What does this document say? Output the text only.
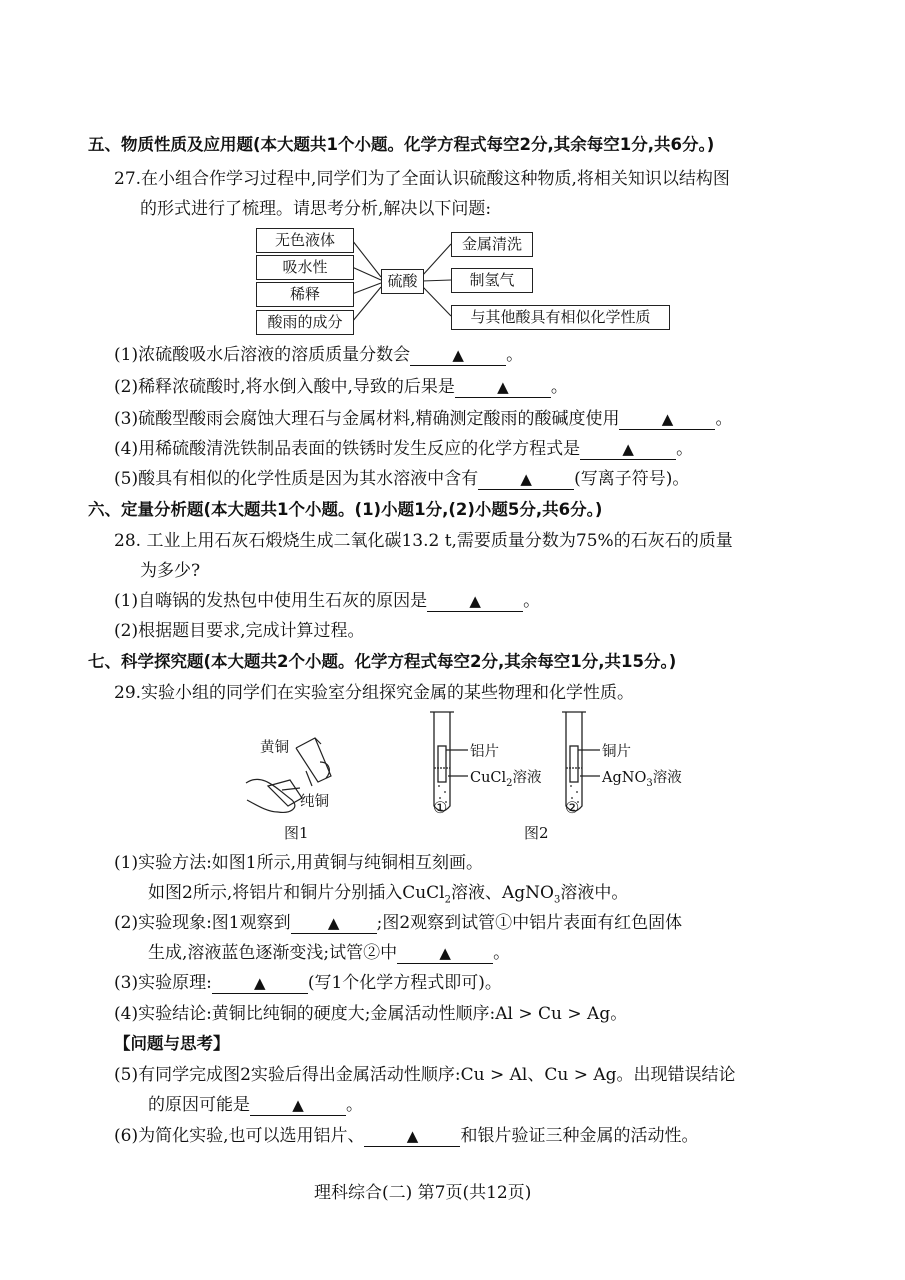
五、物质性质及应用题(本大题共1个小题。化学方程式每空2分,其余每空1分,共6分。)
27.在小组合作学习过程中,同学们为了全面认识硫酸这种物质,将相关知识以结构图
的形式进行了梳理。请思考分析,解决以下问题:
无色液体
吸水性
稀释
酸雨的成分
硫酸
金属清洗
制氢气
与其他酸具有相似化学性质
(1)浓硫酸吸水后溶液的溶质质量分数会	▲ 。
(2)稀释浓硫酸时,将水倒入酸中,导致的后果是	▲ 。
(3)硫酸型酸雨会腐蚀大理石与金属材料,精确测定酸雨的酸碱度使用	▲ 。
(4)用稀硫酸清洗铁制品表面的铁锈时发生反应的化学方程式是	▲ 。
(5)酸具有相似的化学性质是因为其水溶液中含有	▲ (写离子符号)。
六、定量分析题(本大题共1个小题。(1)小题1分,(2)小题5分,共6分。)
28. 工业上用石灰石煅烧生成二氧化碳13.2 t,需要质量分数为75%的石灰石的质量
为多少?
(1)自嗨锅的发热包中使用生石灰的原因是	▲ 。
(2)根据题目要求,完成计算过程。
七、科学探究题(本大题共2个小题。化学方程式每空2分,其余每空1分,共15分。)
29.实验小组的同学们在实验室分组探究金属的某些物理和化学性质。
黄铜
纯铜
图1
铝片
CuCl$_2$溶液
①
铜片
AgNO$_3$溶液
②
图2
(1)实验方法:如图1所示,用黄铜与纯铜相互刻画。
如图2所示,将铝片和铜片分别插入CuCl$_2$溶液、AgNO$_3$溶液中。
(2)实验现象:图1观察到 ▲ ;图2观察到试管①中铝片表面有红色固体
生成,溶液蓝色逐渐变浅;试管②中	▲ 。
(3)实验原理:	▲ (写1个化学方程式即可)。
(4)实验结论:黄铜比纯铜的硬度大;金属活动性顺序:Al > Cu > Ag。
【问题与思考】
(5)有同学完成图2实验后得出金属活动性顺序:Cu > Al、Cu > Ag。出现错误结论
的原因可能是	▲ 。
(6)为简化实验,也可以选用铝片、	▲ 和银片验证三种金属的活动性。
理科综合(二) 第7页(共12页)
